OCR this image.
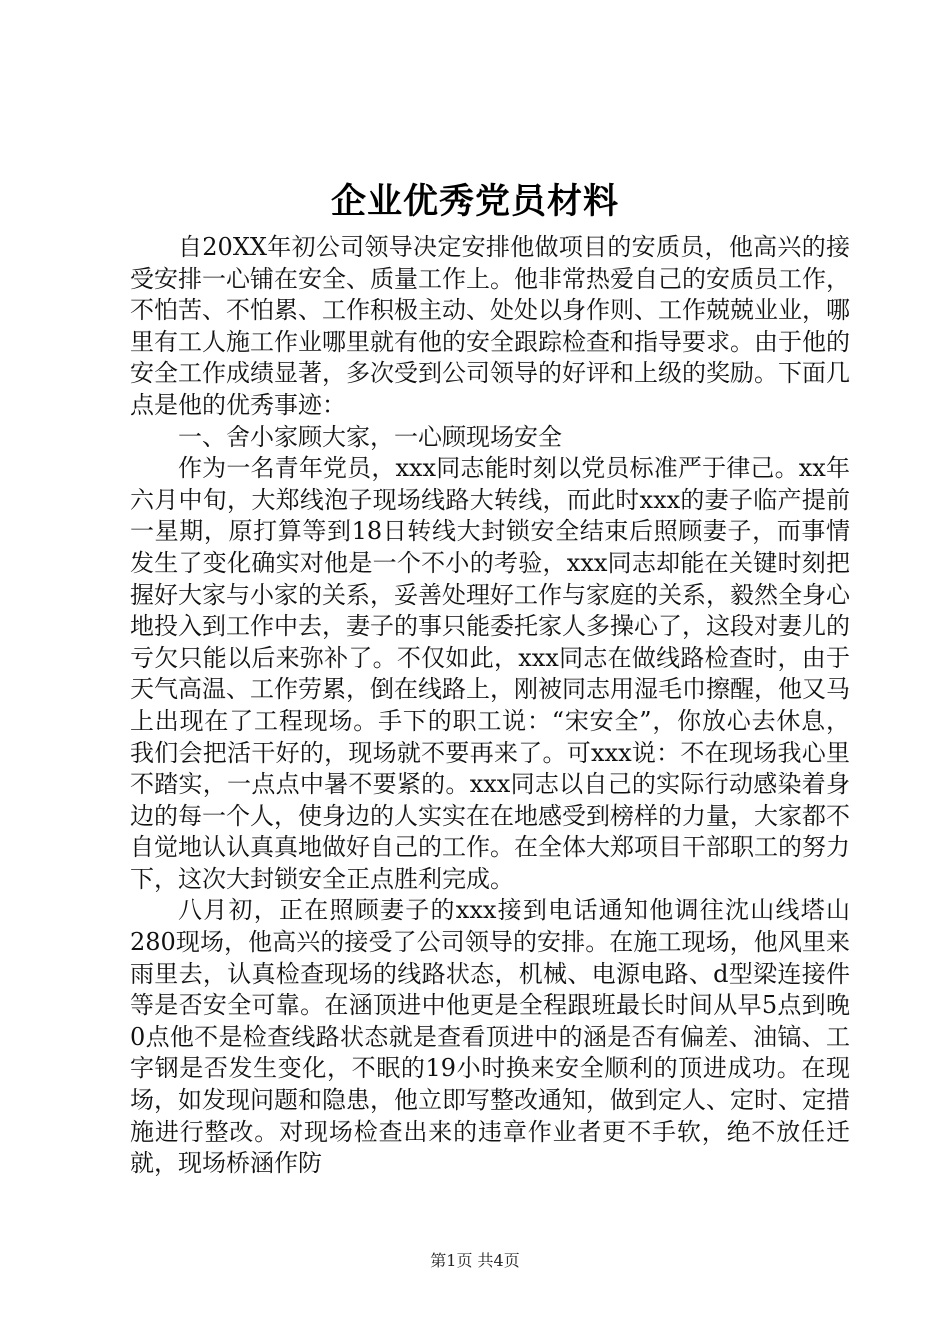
企业优秀党员材料

自20XX年初公司领导决定安排他做项目的安质员，他高兴的接受安排一心铺在安全、质量工作上。他非常热爱自己的安质员工作，不怕苦、不怕累、工作积极主动、处处以身作则、工作兢兢业业，哪里有工人施工作业哪里就有他的安全跟踪检查和指导要求。由于他的安全工作成绩显著，多次受到公司领导的好评和上级的奖励。下面几点是他的优秀事迹：

一、舍小家顾大家，一心顾现场安全

作为一名青年党员，xxx同志能时刻以党员标准严于律己。xx年六月中旬，大郑线泡子现场线路大转线，而此时xxx的妻子临产提前一星期，原打算等到18日转线大封锁安全结束后照顾妻子，而事情发生了变化确实对他是一个不小的考验，xxx同志却能在关键时刻把握好大家与小家的关系，妥善处理好工作与家庭的关系，毅然全身心地投入到工作中去，妻子的事只能委托家人多操心了，这段对妻儿的亏欠只能以后来弥补了。不仅如此，xxx同志在做线路检查时，由于天气高温、工作劳累，倒在线路上，刚被同志用湿毛巾擦醒，他又马上出现在了工程现场。手下的职工说：“宋安全”，你放心去休息，我们会把活干好的，现场就不要再来了。可xxx说：不在现场我心里不踏实，一点点中暑不要紧的。xxx同志以自己的实际行动感染着身边的每一个人，使身边的人实实在在地感受到榜样的力量，大家都不自觉地认认真真地做好自己的工作。在全体大郑项目干部职工的努力下，这次大封锁安全正点胜利完成。

八月初，正在照顾妻子的xxx接到电话通知他调往沈山线塔山280现场，他高兴的接受了公司领导的安排。在施工现场，他风里来雨里去，认真检查现场的线路状态，机械、电源电路、d型梁连接件等是否安全可靠。在涵顶进中他更是全程跟班最长时间从早5点到晚0点他不是检查线路状态就是查看顶进中的涵是否有偏差、油镐、工字钢是否发生变化，不眠的19小时换来安全顺利的顶进成功。在现场，如发现问题和隐患，他立即写整改通知，做到定人、定时、定措施进行整改。对现场检查出来的违章作业者更不手软，绝不放任迁就，现场桥涵作防

第1页 共4页
